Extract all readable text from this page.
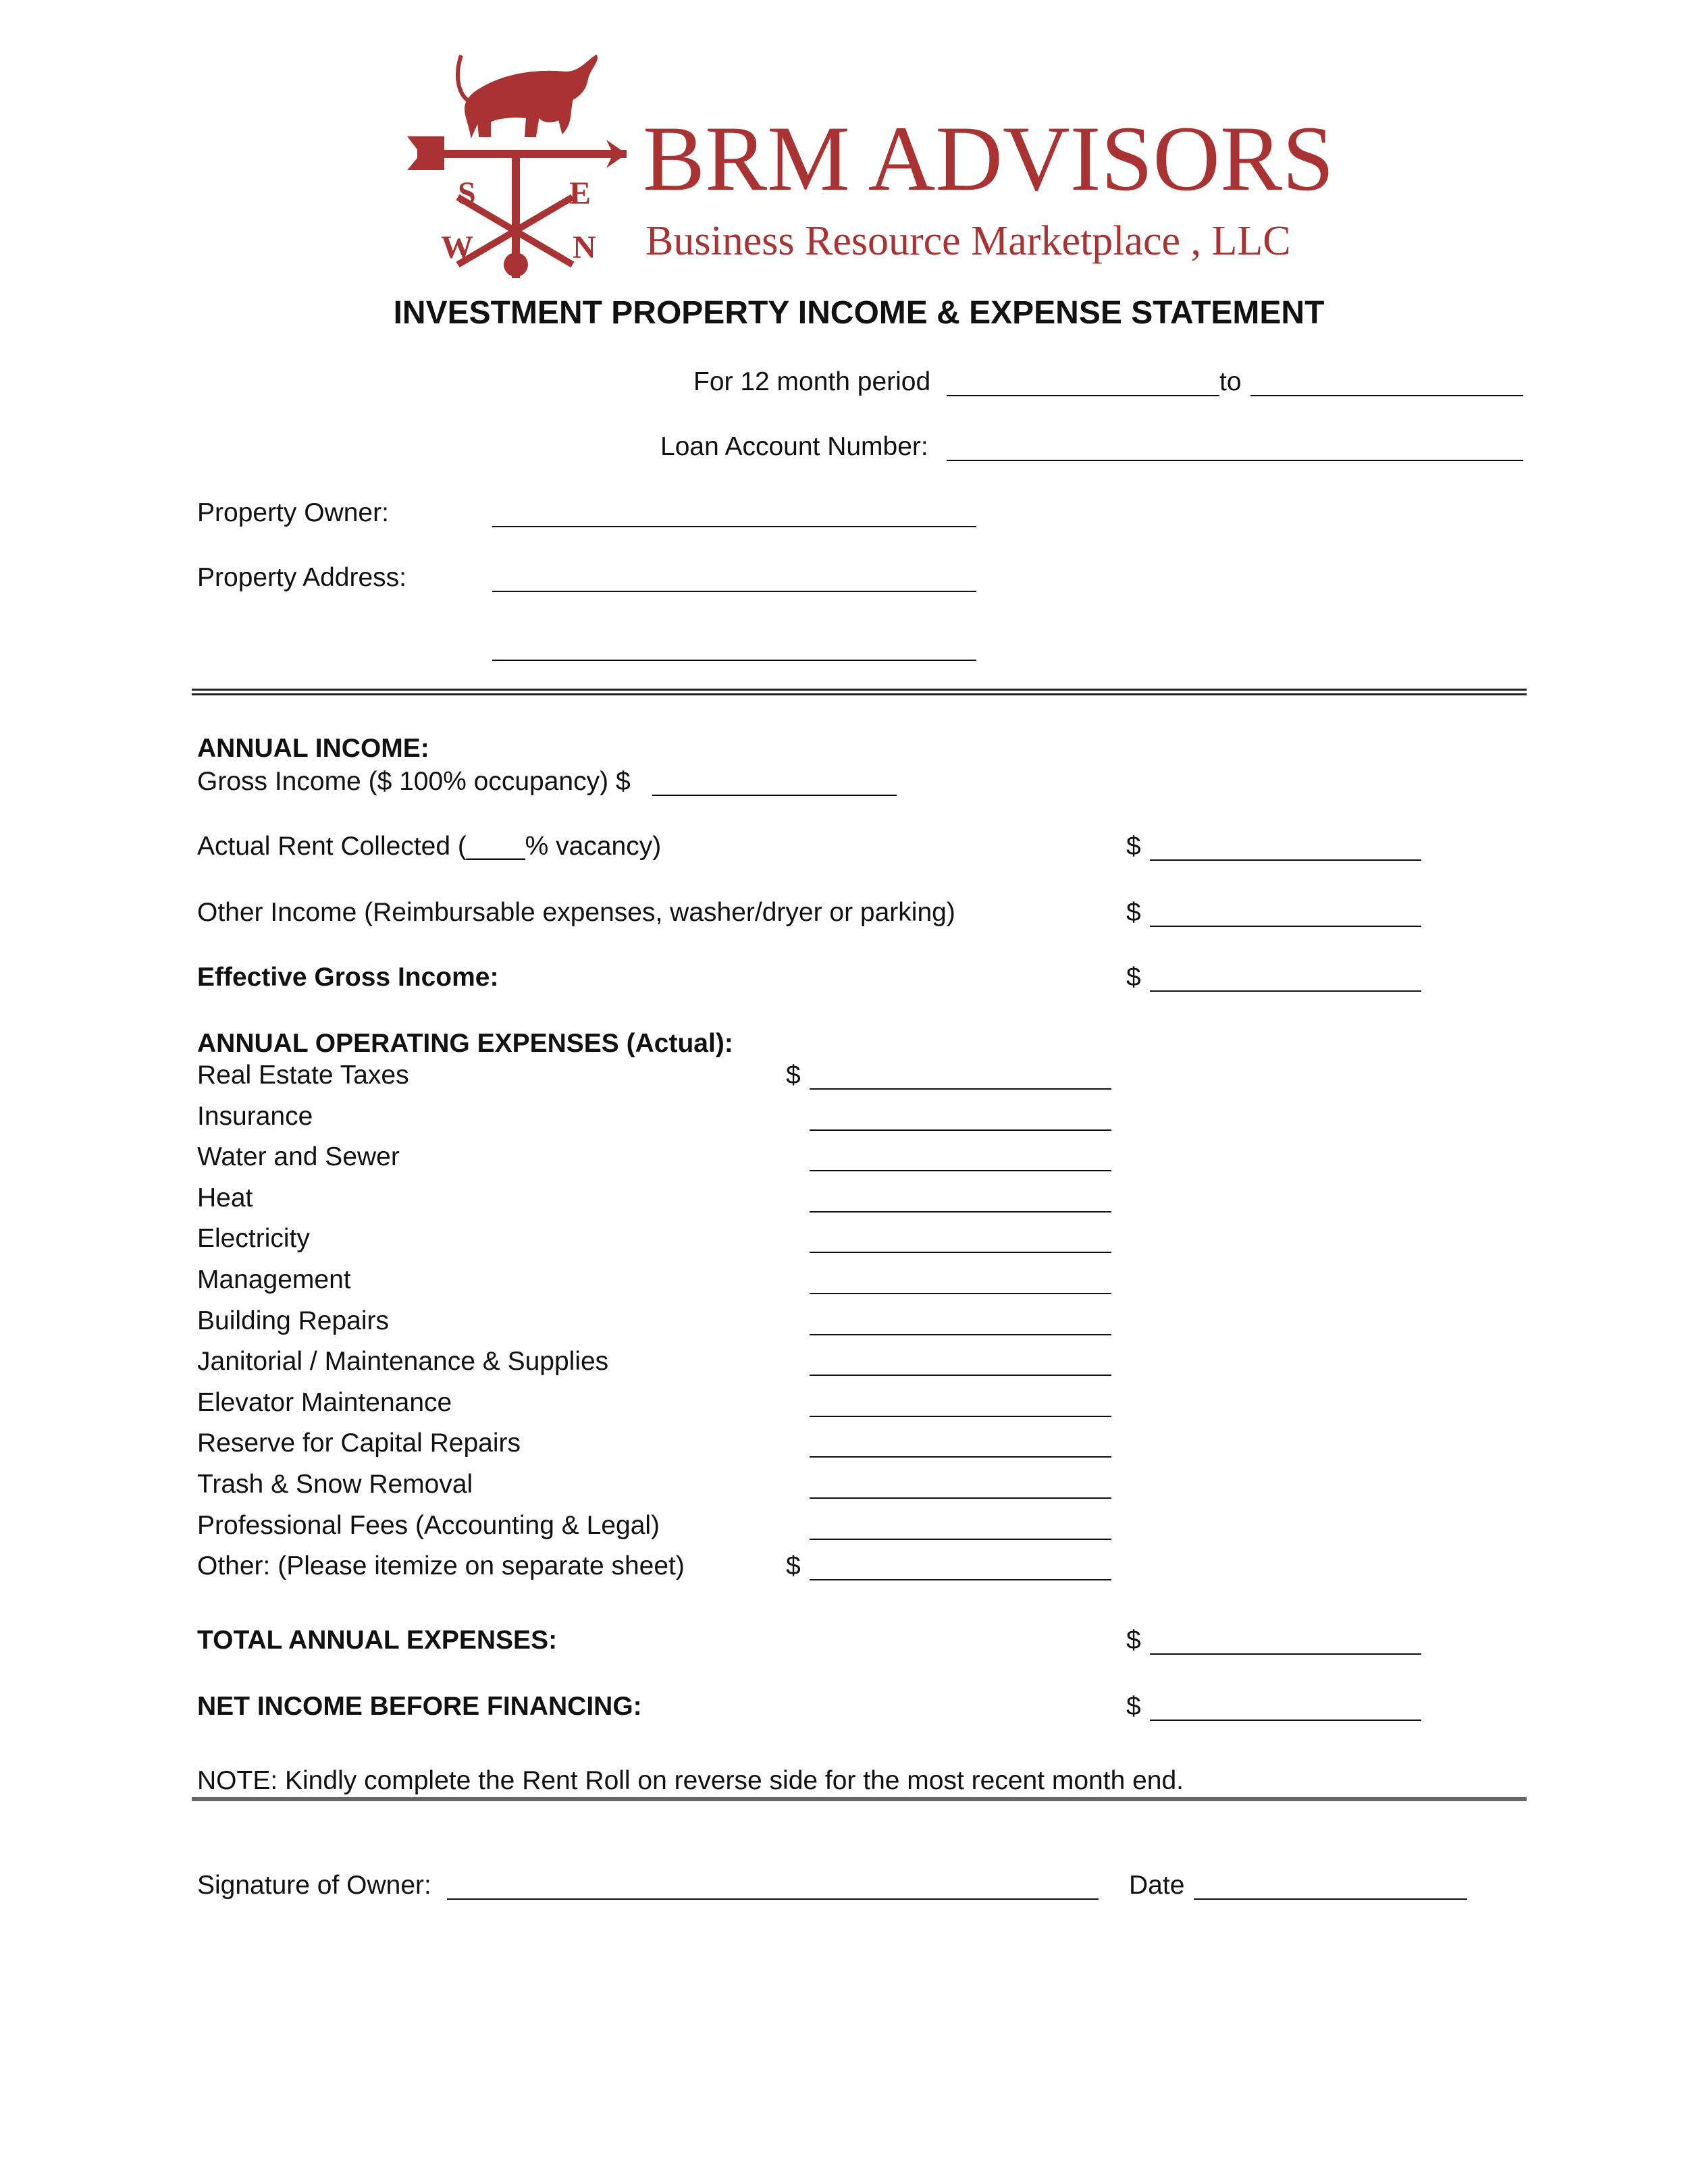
S	E
W	N
BRM ADVISORS
Business Resource Marketplace , LLC
INVESTMENT PROPERTY INCOME & EXPENSE STATEMENT
For 12 month period	to
Loan Account Number:
Property Owner:
Property Address:
ANNUAL INCOME:
Gross Income ($ 100% occupancy) $
Actual Rent Collected (____% vacancy)	$
Other Income (Reimbursable expenses, washer/dryer or parking)	$
Effective Gross Income:	$
ANNUAL OPERATING EXPENSES (Actual):
Real Estate Taxes	$
Insurance
Water and Sewer
Heat
Electricity
Management
Building Repairs
Janitorial / Maintenance & Supplies
Elevator Maintenance
Reserve for Capital Repairs
Trash & Snow Removal
Professional Fees (Accounting & Legal)
Other: (Please itemize on separate sheet)	$
TOTAL ANNUAL EXPENSES:	$
NET INCOME BEFORE FINANCING:	$
NOTE: Kindly complete the Rent Roll on reverse side for the most recent month end.
Signature of Owner:	Date
